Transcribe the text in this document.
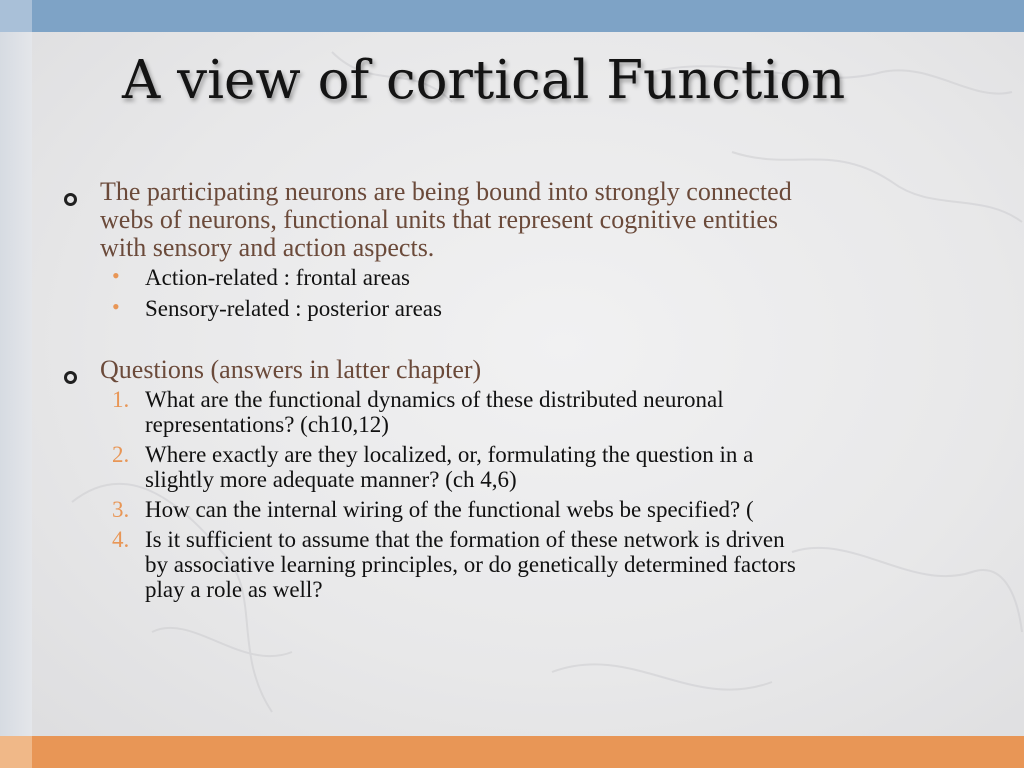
A view of cortical Function
The participating neurons are being bound into strongly connected
webs of neurons, functional units that represent cognitive entities
with sensory and action aspects.
• Action-related : frontal areas
• Sensory-related : posterior areas
Questions (answers in latter chapter)
1. What are the functional dynamics of these distributed neuronal
representations? (ch10,12)
2. Where exactly are they localized, or, formulating the question in a
slightly more adequate manner? (ch 4,6)
3. How can the internal wiring of the functional webs be specified? (
4. Is it sufficient to assume that the formation of these network is driven
by associative learning principles, or do genetically determined factors
play a role as well?
